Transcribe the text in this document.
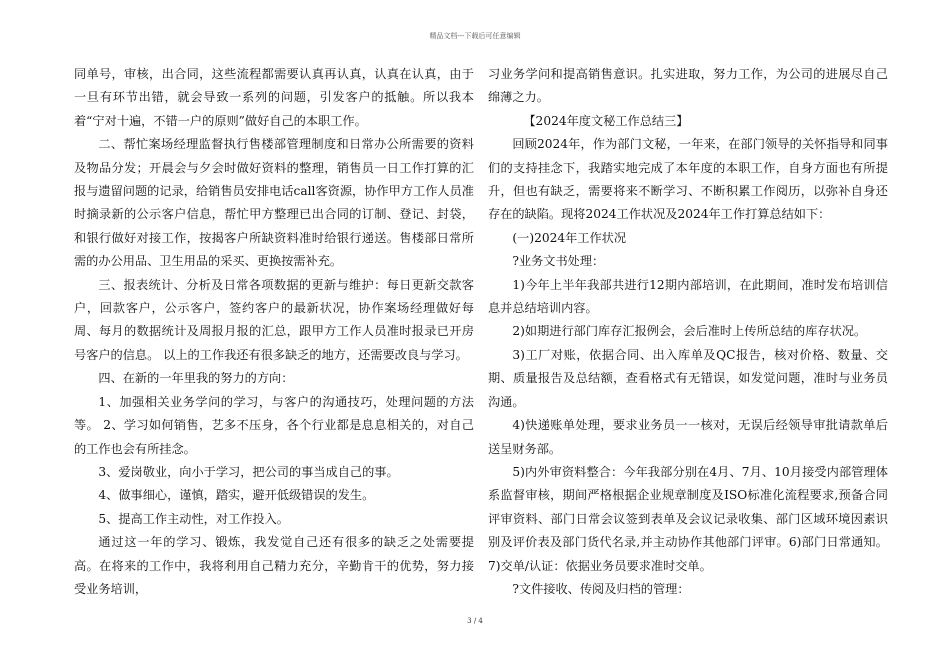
精品文档---下载后可任意编辑

同单号，审核，出合同，这些流程都需要认真再认真，认真在认真，由于一旦有环节出错，就会导致一系列的问题，引发客户的抵触。所以我本着“宁对十遍，不错一户的原则”做好自己的本职工作。

二、帮忙案场经理监督执行售楼部管理制度和日常办公所需要的资料及物品分发；开晨会与夕会时做好资料的整理，销售员一日工作打算的汇报与遗留问题的记录，给销售员安排电话call客资源，协作甲方工作人员准时摘录新的公示客户信息，帮忙甲方整理已出合同的订制、登记、封袋，和银行做好对接工作，按揭客户所缺资料准时给银行递送。售楼部日常所需的办公用品、卫生用品的采买、更换按需补充。

三、报表统计、分析及日常各项数据的更新与维护：每日更新交款客户，回款客户，公示客户，签约客户的最新状况，协作案场经理做好每周、每月的数据统计及周报月报的汇总，跟甲方工作人员准时报录已开房号客户的信息。 以上的工作我还有很多缺乏的地方，还需要改良与学习。

四、在新的一年里我的努力的方向：

1、加强相关业务学问的学习，与客户的沟通技巧，处理问题的方法等。 2、学习如何销售，艺多不压身，各个行业都是息息相关的，对自己的工作也会有所挂念。

3、爱岗敬业，向小于学习，把公司的事当成自己的事。

4、做事细心，谨慎，踏实，避开低级错误的发生。

5、提高工作主动性，对工作投入。

通过这一年的学习、锻炼，我发觉自己还有很多的缺乏之处需要提高。在将来的工作中，我将利用自己精力充分，辛勤肯干的优势，努力接受业务培训，

习业务学问和提高销售意识。扎实进取，努力工作，为公司的进展尽自己绵薄之力。

【2024年度文秘工作总结三】

回顾2024年，作为部门文秘，一年来，在部门领导的关怀指导和同事们的支持挂念下，我踏实地完成了本年度的本职工作，自身方面也有所提升，但也有缺乏，需要将来不断学习、不断积累工作阅历，以弥补自身还存在的缺陷。现将2024工作状况及2024年工作打算总结如下：

(一)2024年工作状况

?业务文书处理：

1)今年上半年我部共进行12期内部培训，在此期间，准时发布培训信息并总结培训内容。

2)如期进行部门库存汇报例会，会后准时上传所总结的库存状况。

3)工厂对账，依据合同、出入库单及QC报告，核对价格、数量、交期、质量报告及总结额，查看格式有无错误，如发觉问题，准时与业务员沟通。

4)快递账单处理，要求业务员一一核对，无误后经领导审批请款单后送呈财务部。

5)内外审资料整合：今年我部分别在4月、7月、10月接受内部管理体系监督审核，期间严格根据企业规章制度及ISO标准化流程要求,预备合同评审资料、部门日常会议签到表单及会议记录收集、部门区域环境因素识别及评价表及部门货代名录,并主动协作其他部门评审。6)部门日常通知。7)交单/认证：依据业务员要求准时交单。

?文件接收、传阅及归档的管理：

3 / 4
